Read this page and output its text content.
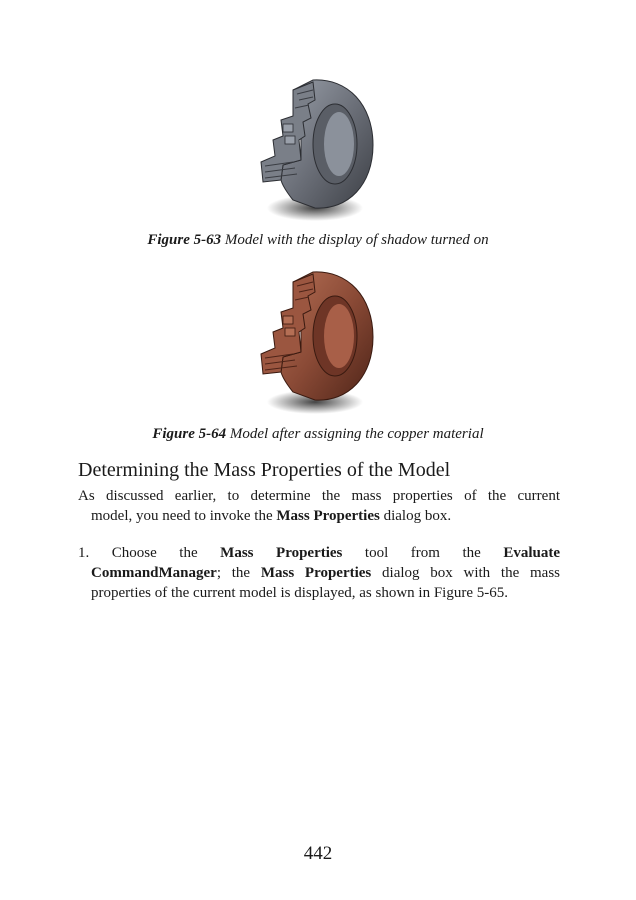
Figure 5-63 Model with the display of shadow turned on
Figure 5-64 Model after assigning the copper material
Determining the Mass Properties of the Model

As discussed earlier, to determine the mass properties of the current
model, you need to invoke the Mass Properties dialog box.

1. Choose the Mass Properties tool from the Evaluate
CommandManager; the Mass Properties dialog box with the mass
properties of the current model is displayed, as shown in Figure 5-65.

442
